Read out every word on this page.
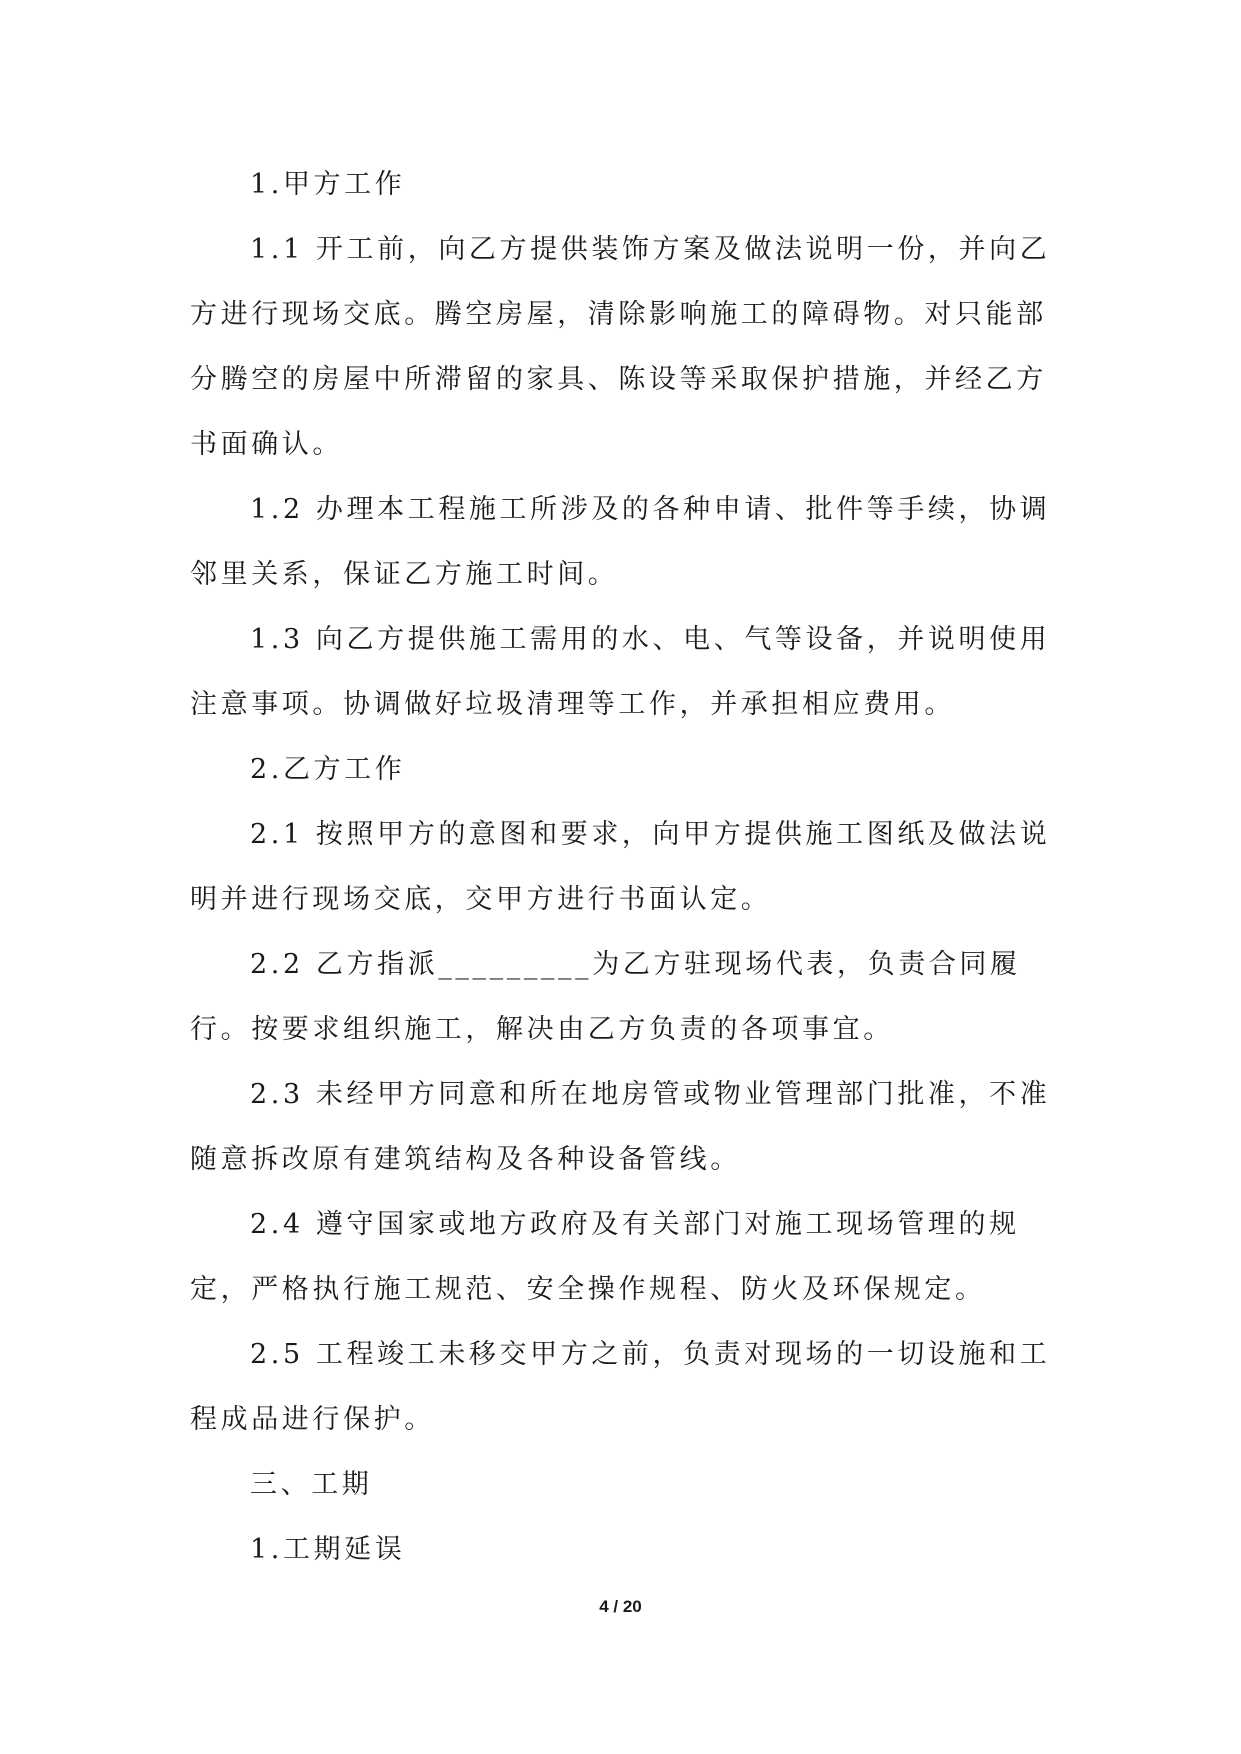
1.甲方工作

1.1 开工前，向乙方提供装饰方案及做法说明一份，并向乙方进行现场交底。腾空房屋，清除影响施工的障碍物。对只能部分腾空的房屋中所滞留的家具、陈设等采取保护措施，并经乙方书面确认。

1.2 办理本工程施工所涉及的各种申请、批件等手续，协调邻里关系，保证乙方施工时间。

1.3 向乙方提供施工需用的水、电、气等设备，并说明使用注意事项。协调做好垃圾清理等工作，并承担相应费用。

2.乙方工作

2.1 按照甲方的意图和要求，向甲方提供施工图纸及做法说明并进行现场交底，交甲方进行书面认定。

2.2 乙方指派_________为乙方驻现场代表，负责合同履行。按要求组织施工，解决由乙方负责的各项事宜。

2.3 未经甲方同意和所在地房管或物业管理部门批准，不准随意拆改原有建筑结构及各种设备管线。

2.4 遵守国家或地方政府及有关部门对施工现场管理的规定，严格执行施工规范、安全操作规程、防火及环保规定。

2.5 工程竣工未移交甲方之前，负责对现场的一切设施和工程成品进行保护。

三、工期

1.工期延误

4 / 20
